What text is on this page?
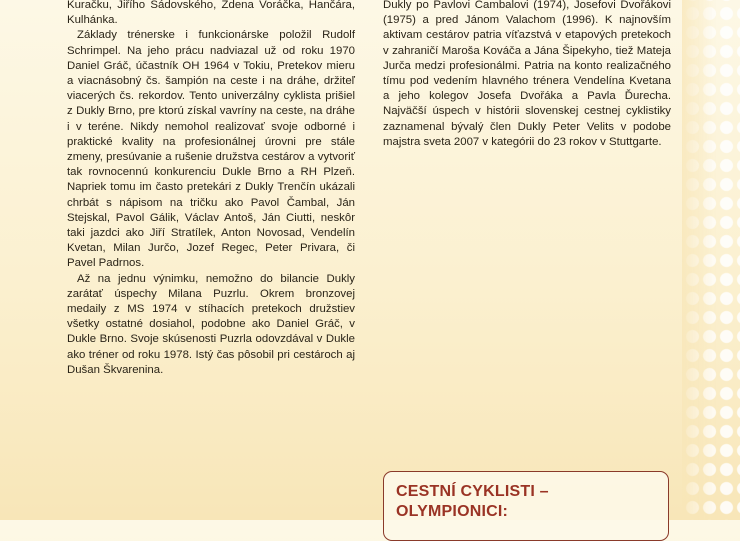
Kuračku, Jiřího Sádovského, Zdena Voráčka, Hančára, Kulhánka.

Základy trénerske i funkcionárske položil Rudolf Schrimpel. Na jeho prácu nadviazal už od roku 1970 Daniel Gráč, účastník OH 1964 v Tokiu, Pretekov mieru a viacnásobný čs. šampión na ceste i na dráhe, držiteľ viacerých čs. rekordov. Tento univerzálny cyklista prišiel z Dukly Brno, pre ktorú získal vavríny na ceste, na dráhe i v teréne. Nikdy nemohol realizovať svoje odborné i praktické kvality na profesionálnej úrovni pre stále zmeny, presúvanie a rušenie družstva cestárov a vytvoriť tak rovnocennú konkurenciu Dukle Brno a RH Plzeň. Napriek tomu im často pretekári z Dukly Trenčín ukázali chrbát s nápisom na tričku ako Pavol Čambal, Ján Stejskal, Pavol Gálik, Václav Antoš, Ján Ciutti, neskôr taki jazdci ako Jiří Stratílek, Anton Novosad, Vendelín Kvetan, Milan Jurčo, Jozef Regec, Peter Privara, či Pavel Padrnos.

Až na jednu výnimku, nemožno do bilancie Dukly zarátať úspechy Milana Puzrlu. Okrem bronzovej medaily z MS 1974 v stíhacích pretekoch družstiev všetky ostatné dosiahol, podobne ako Daniel Gráč, v Dukle Brno. Svoje skúsenosti Puzrla odovzdával v Dukle ako tréner od roku 1978. Istý čas pôsobil pri cestároch aj Dušan Škvarenina.

Dukly po Pavlovi Čambalovi (1974), Josefovi Dvořákovi (1975) a pred Jánom Valachom (1996). K najnovším aktivam cestárov patria víťazstvá v etapových pretekoch v zahraničí Maroša Kováča a Jána Šipekyho, tiež Mateja Jurča medzi profesionálmi. Patria na konto realizačného tímu pod vedením hlavného trénera Vendelína Kvetana a jeho kolegov Josefa Dvořáka a Pavla Ďurecha. Najväčší úspech v histórii slovenskej cestnej cyklistiky zaznamenal bývalý člen Dukly Peter Velits v podobe majstra sveta 2007 v kategórii do 23 rokov v Stuttgarte.

CESTNÍ CYKLISTI –

OLYMPIONICI:
